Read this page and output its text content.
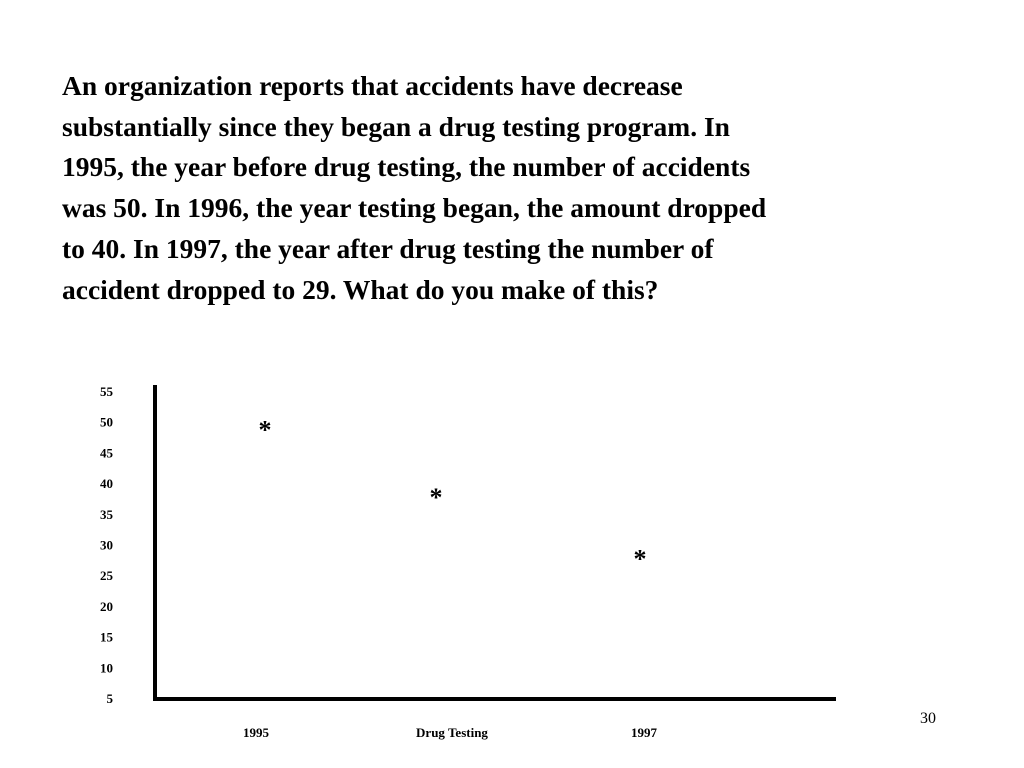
An organization reports that accidents have decrease
substantially since they began a drug testing program. In
1995, the year before drug testing, the number of accidents
was 50. In 1996, the year testing began, the amount dropped
to 40. In 1997, the year after drug testing the number of
accident dropped to 29. What do you make of this?

55
50
45
40
35
30
25
20
15
10
5
1995	Drug Testing	1997
*
*
*
30
